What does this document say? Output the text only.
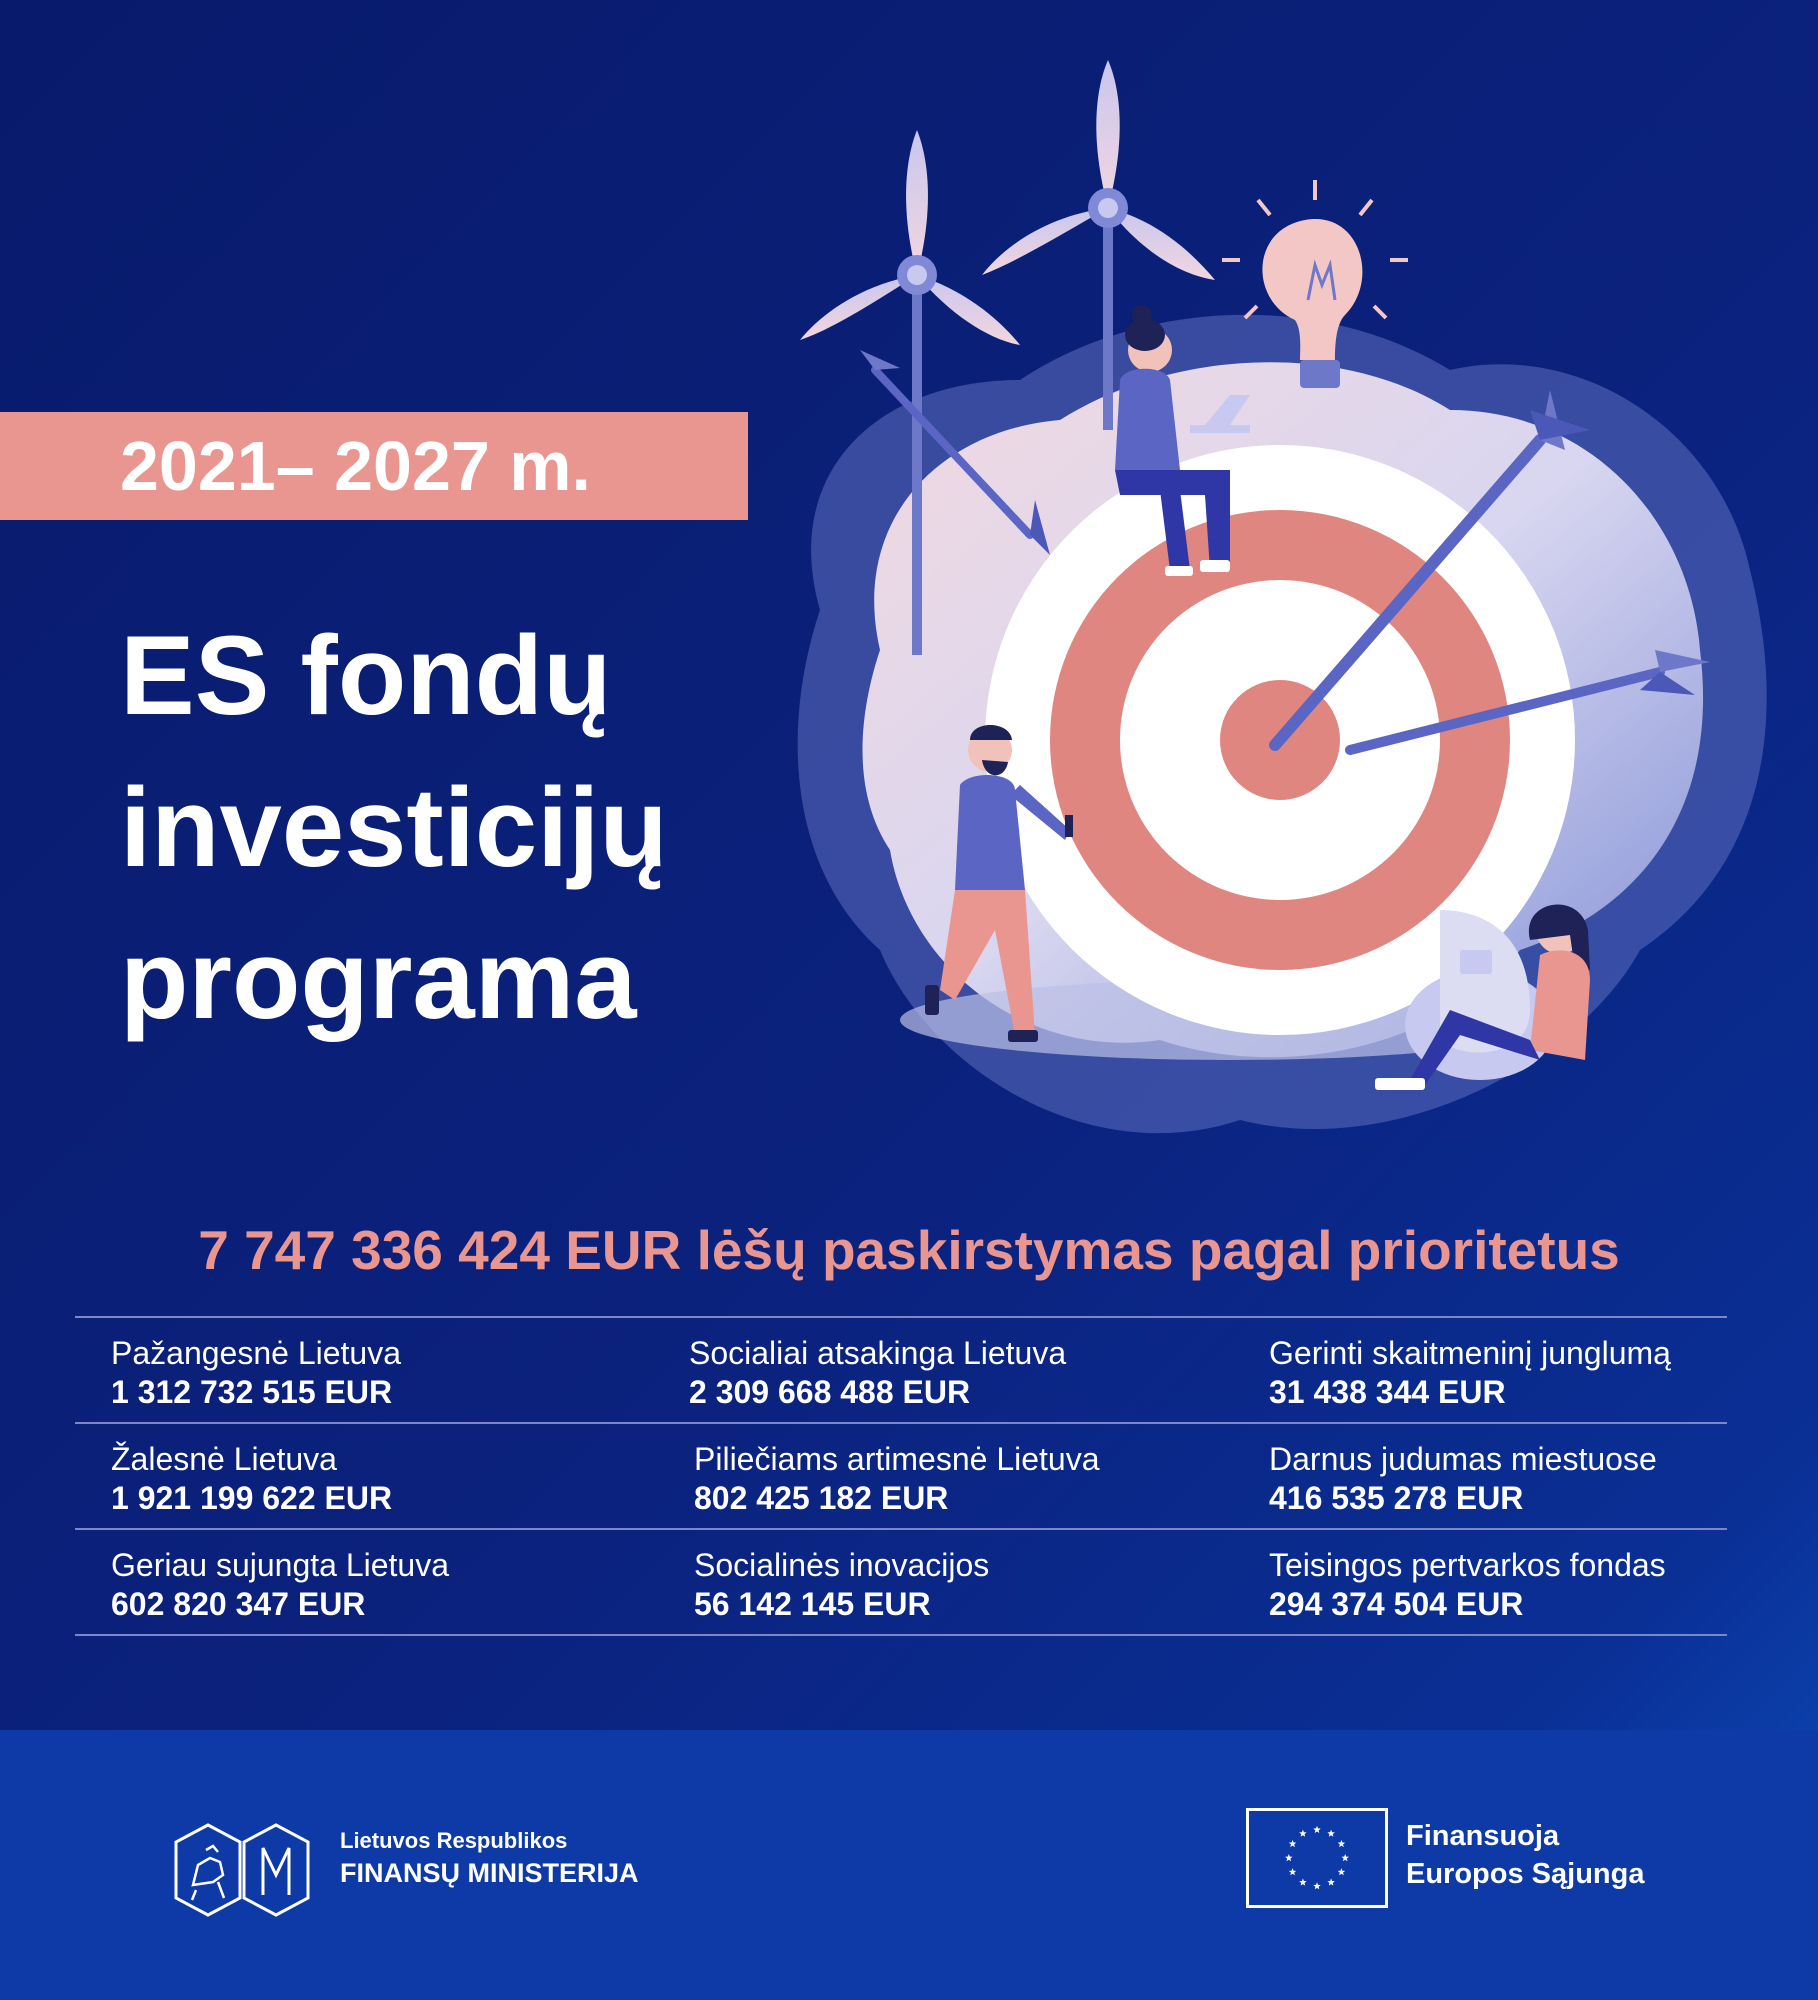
2021– 2027 m.
ES fondų
investicijų
programa
7 747 336 424 EUR lėšų paskirstymas pagal prioritetus
Pažangesnė Lietuva
1 312 732 515 EUR
Socialiai atsakinga Lietuva
2 309 668 488 EUR
Gerinti skaitmeninį junglumą
31 438 344 EUR
Žalesnė Lietuva
1 921 199 622 EUR
Piliečiams artimesnė Lietuva
802 425 182 EUR
Darnus judumas miestuose
416 535 278 EUR
Geriau sujungta Lietuva
602 820 347 EUR
Socialinės inovacijos
56 142 145 EUR
Teisingos pertvarkos fondas
294 374 504 EUR
Lietuvos Respublikos
FINANSŲ MINISTERIJA
Finansuoja
Europos Sąjunga
